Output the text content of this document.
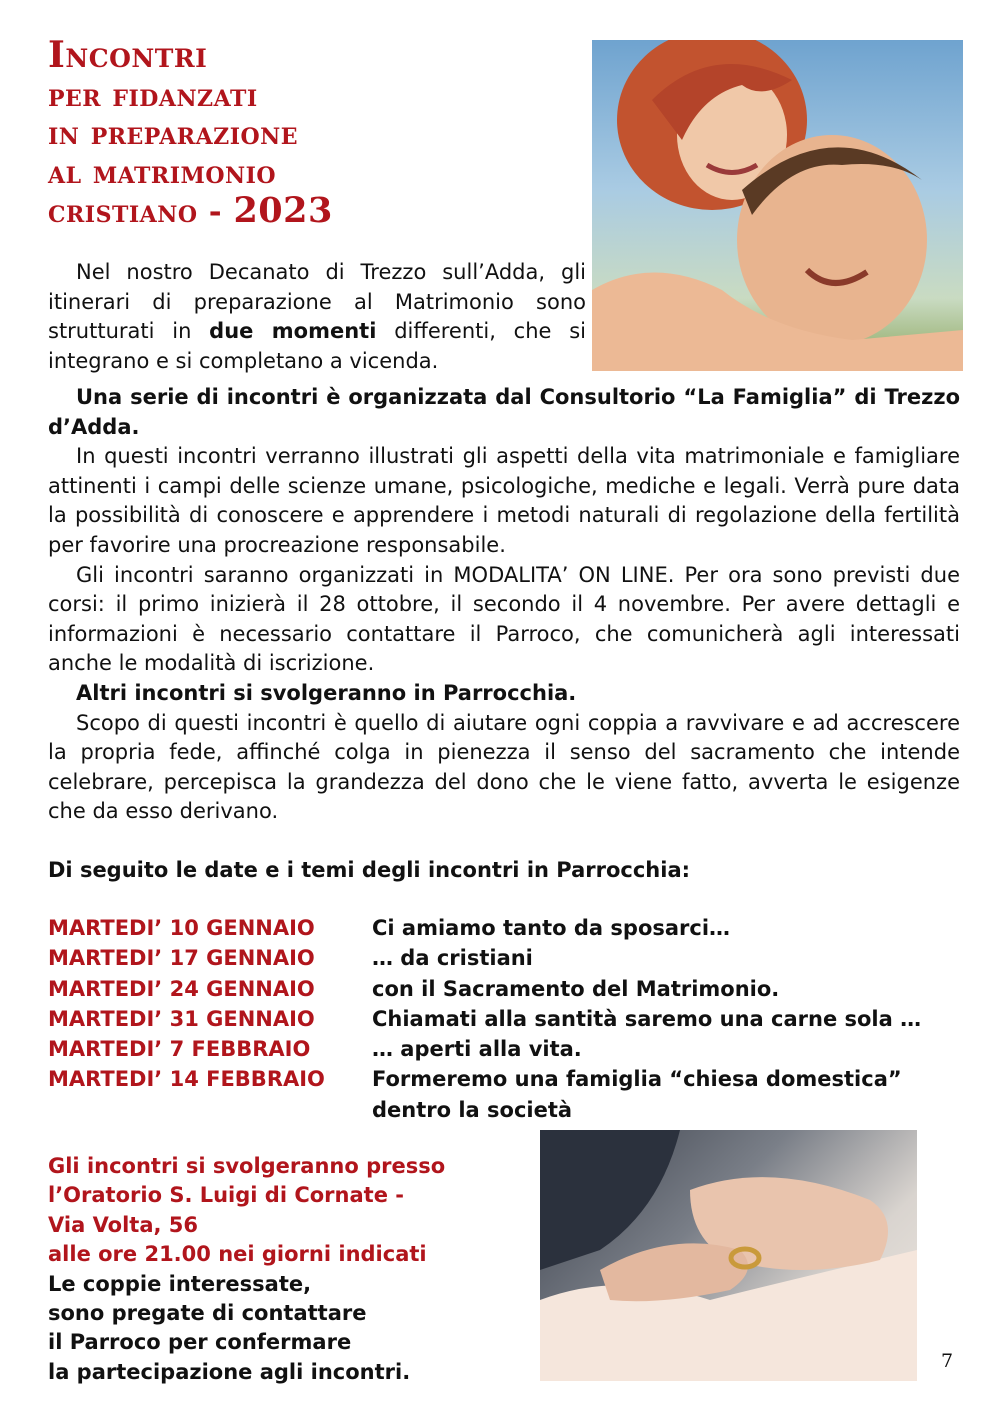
Incontri
per fidanzati
in preparazione
al matrimonio
cristiano - 2023

Nel nostro Decanato di Trezzo sull’Adda, gli itinerari di preparazione al Matrimonio sono strutturati in due momenti differenti, che si integrano e si completano a vicenda.

Una serie di incontri è organizzata dal Consultorio “La Famiglia” di Trezzo d’Adda.

In questi incontri verranno illustrati gli aspetti della vita matrimoniale e famigliare attinenti i campi delle scienze umane, psicologiche, mediche e legali. Verrà pure data la possibilità di conoscere e apprendere i metodi naturali di regolazione della fertilità per favorire una procreazione responsabile.

Gli incontri saranno organizzati in MODALITA’ ON LINE. Per ora sono previsti due corsi: il primo inizierà il 28 ottobre, il secondo il 4 novembre. Per avere dettagli e informazioni è necessario contattare il Parroco, che comunicherà agli interessati anche le modalità di iscrizione.

Altri incontri si svolgeranno in Parrocchia.

Scopo di questi incontri è quello di aiutare ogni coppia a ravvivare e ad accrescere la propria fede, affinché colga in pienezza il senso del sacramento che intende celebrare, percepisca la grandezza del dono che le viene fatto, avverta le esigenze che da esso derivano.

Di seguito le date e i temi degli incontri in Parrocchia:

MARTEDI’ 10 GENNAIO	Ci amiamo tanto da sposarci…
MARTEDI’ 17 GENNAIO	… da cristiani
MARTEDI’ 24 GENNAIO	con il Sacramento del Matrimonio.
MARTEDI’ 31 GENNAIO	Chiamati alla santità saremo una carne sola …
MARTEDI’ 7 FEBBRAIO	… aperti alla vita.
MARTEDI’ 14 FEBBRAIO	Formeremo una famiglia “chiesa domestica”
dentro la società
Gli incontri si svolgeranno presso
l’Oratorio S. Luigi di Cornate -
Via Volta, 56
alle ore 21.00 nei giorni indicati
Le coppie interessate,
sono pregate di contattare
il Parroco per confermare
la partecipazione agli incontri.	7
